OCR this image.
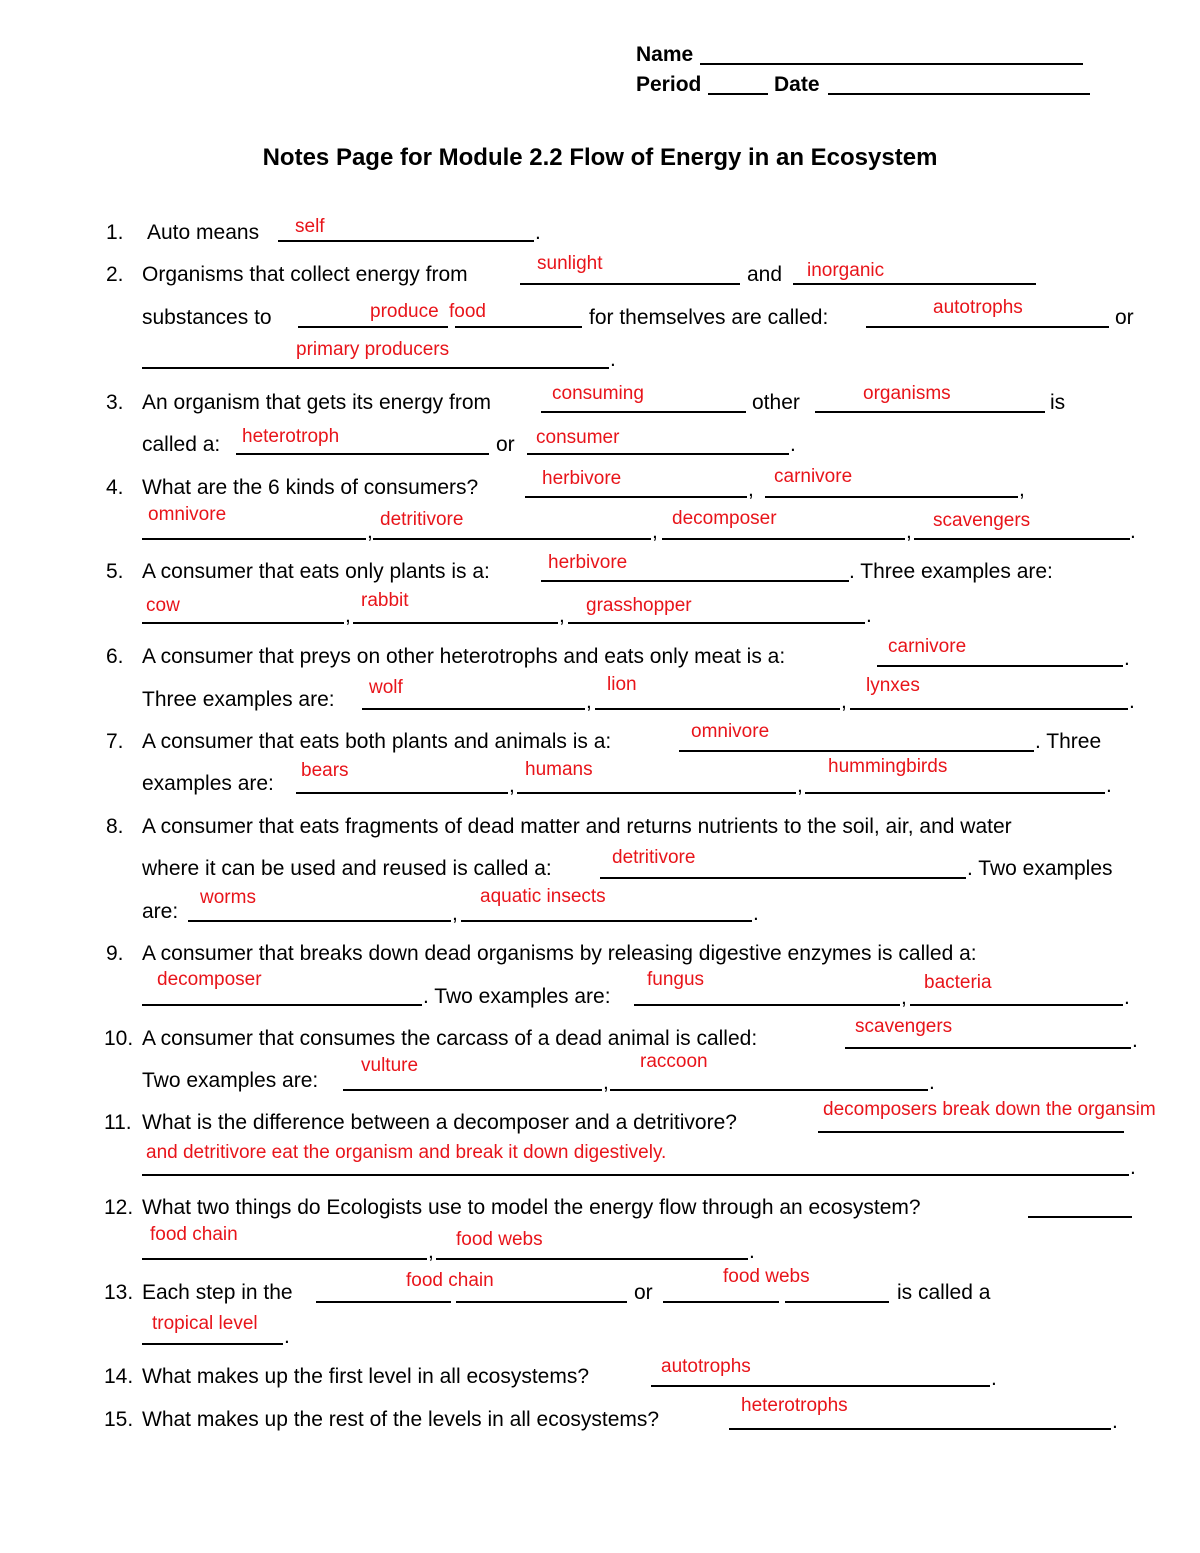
Name
Period	Date
Notes Page for Module 2.2 Flow of Energy in an Ecosystem
1. Auto means	.
self
2. Organisms that collect energy from	sunlight	and inorganic
substances to	produce food	for themselves are called:	autotrophs	or
.
primary producers
3. An organism that gets its energy from	consuming	other	organisms	is
called a: heterotroph	or	.
consumer
4. What are the 6 kinds of consumers?	,
herbivore	,
carnivore
,
omnivore
,
detritivore
,
decomposer
.
scavengers
5. A consumer that eats only plants is a:	herbivore	. Three examples are:
,
cow	,
rabbit
.
grasshopper
6. A consumer that preys on other heterotrophs and eats only meat is a:	.
carnivore
Three examples are:	,
wolf
,
lion
.
lynxes
7. A consumer that eats both plants and animals is a:	omnivore	. Three
examples are:	,
bears
,
humans
.
hummingbirds
8. A consumer that eats fragments of dead matter and returns nutrients to the soil, air, and water
where it can be used and reused is called a:	detritivore	. Two examples
are:	,
worms
.
aquatic insects
9. A consumer that breaks down dead organisms by releasing digestive enzymes is called a:
decomposer
. Two examples are:	,
fungus
.
bacteria
10. A consumer that consumes the carcass of a dead animal is called:	.
scavengers
Two examples are:	,
vulture
.
raccoon
11. What is the difference between a decomposer and a detritivore?
decomposers break down the organsim
.
and detritivore eat the organism and break it down digestively.
12. What two things do Ecologists use to model the energy flow through an ecosystem?
,
food chain
.
food webs
13. Each step in the
food chain
or
food webs
is called a
.
tropical level
14. What makes up the first level in all ecosystems?	.
autotrophs
15. What makes up the rest of the levels in all ecosystems?	.
heterotrophs
